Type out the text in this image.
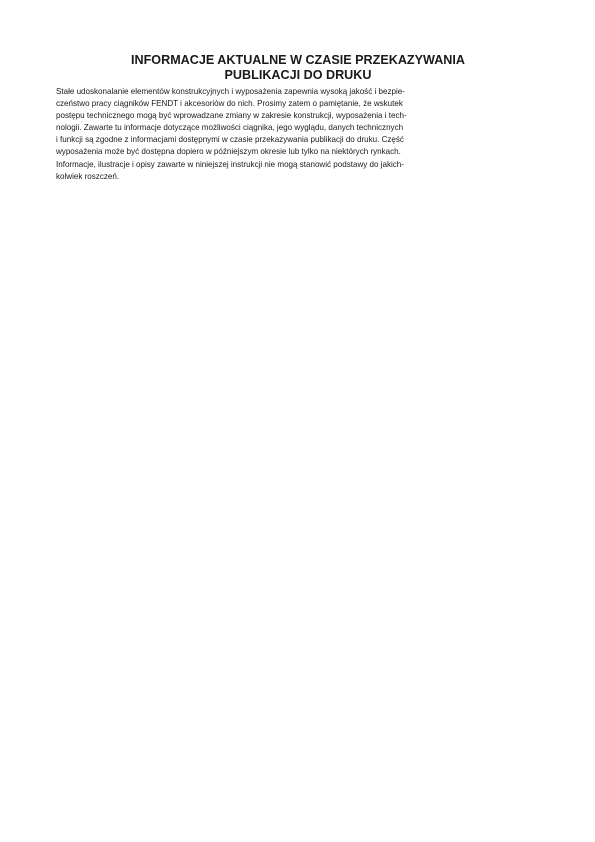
INFORMACJE AKTUALNE W CZASIE PRZEKAZYWANIA
PUBLIKACJI DO DRUKU

Stałe udoskonalanie elementów konstrukcyjnych i wyposażenia zapewnia wysoką jakość i bezpie-
czeństwo pracy ciągników FENDT i akcesoriów do nich. Prosimy zatem o pamiętanie, że wskutek
postępu technicznego mogą być wprowadzane zmiany w zakresie konstrukcji, wyposażenia i tech-
nologii. Zawarte tu informacje dotyczące możliwości ciągnika, jego wyglądu, danych technicznych
i funkcji są zgodne z informacjami dostępnymi w czasie przekazywania publikacji do druku. Część
wyposażenia może być dostępna dopiero w późniejszym okresie lub tylko na niektórych rynkach.
Informacje, ilustracje i opisy zawarte w niniejszej instrukcji nie mogą stanowić podstawy do jakich-
kolwiek roszczeń.
